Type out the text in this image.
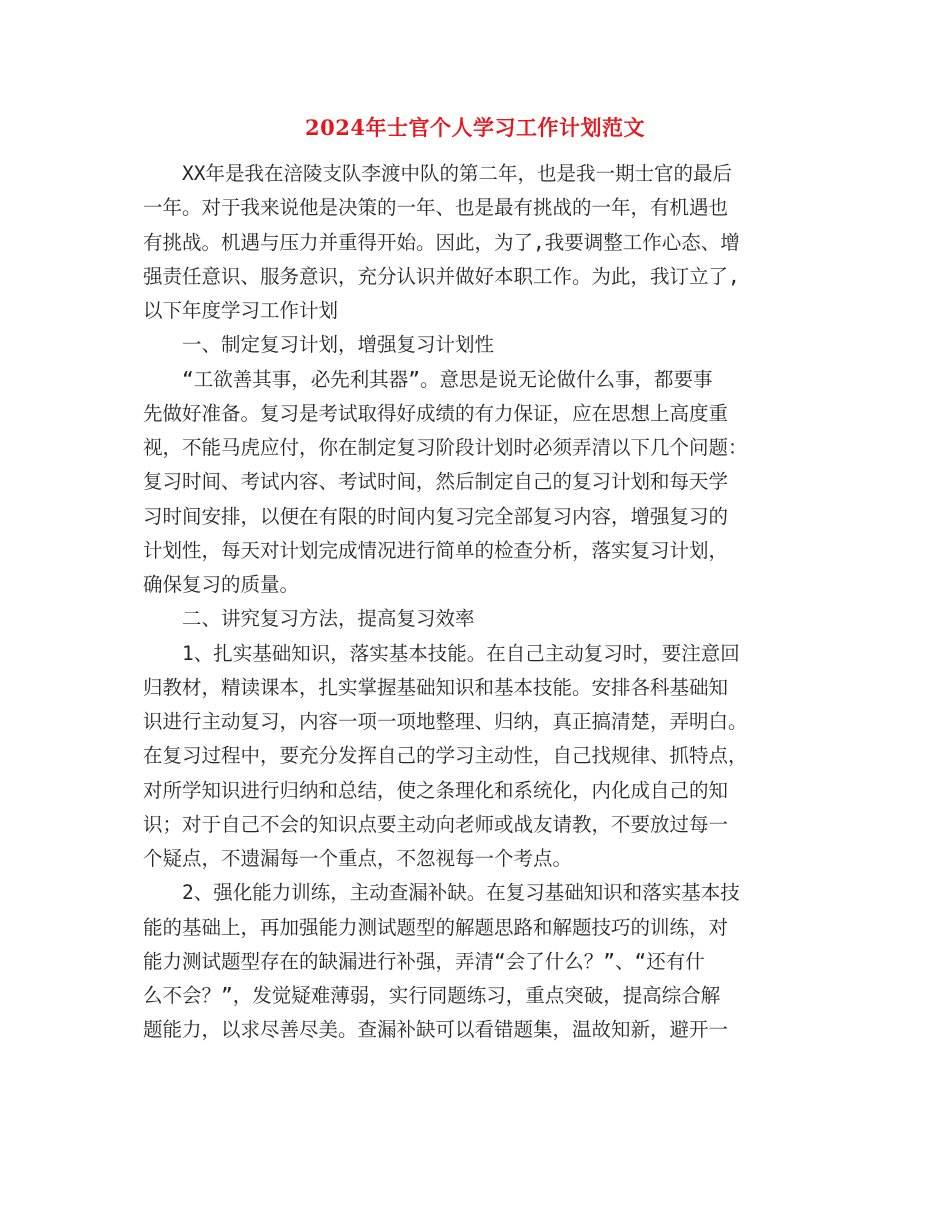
2024年士官个人学习工作计划范文
　　XX年是我在涪陵支队李渡中队的第二年，也是我一期士官的最后
一年。对于我来说他是决策的一年、也是最有挑战的一年，有机遇也
有挑战。机遇与压力并重得开始。因此，为了,我要调整工作心态、增
强责任意识、服务意识，充分认识并做好本职工作。为此，我订立了,
以下年度学习工作计划
　　一、制定复习计划，增强复习计划性
　　“工欲善其事，必先利其器”。意思是说无论做什么事，都要事
先做好准备。复习是考试取得好成绩的有力保证，应在思想上高度重
视，不能马虎应付，你在制定复习阶段计划时必须弄清以下几个问题：
复习时间、考试内容、考试时间，然后制定自己的复习计划和每天学
习时间安排，以便在有限的时间内复习完全部复习内容，增强复习的
计划性，每天对计划完成情况进行简单的检查分析，落实复习计划，
确保复习的质量。
　　二、讲究复习方法，提高复习效率
　　1、扎实基础知识，落实基本技能。在自己主动复习时，要注意回
归教材，精读课本，扎实掌握基础知识和基本技能。安排各科基础知
识进行主动复习，内容一项一项地整理、归纳，真正搞清楚，弄明白。
在复习过程中，要充分发挥自己的学习主动性，自己找规律、抓特点，
对所学知识进行归纳和总结，使之条理化和系统化，内化成自己的知
识；对于自己不会的知识点要主动向老师或战友请教，不要放过每一
个疑点，不遗漏每一个重点，不忽视每一个考点。
　　2、强化能力训练，主动查漏补缺。在复习基础知识和落实基本技
能的基础上，再加强能力测试题型的解题思路和解题技巧的训练，对
能力测试题型存在的缺漏进行补强，弄清“会了什么？”、“还有什
么不会？”，发觉疑难薄弱，实行同题练习，重点突破，提高综合解
题能力，以求尽善尽美。查漏补缺可以看错题集，温故知新，避开一
